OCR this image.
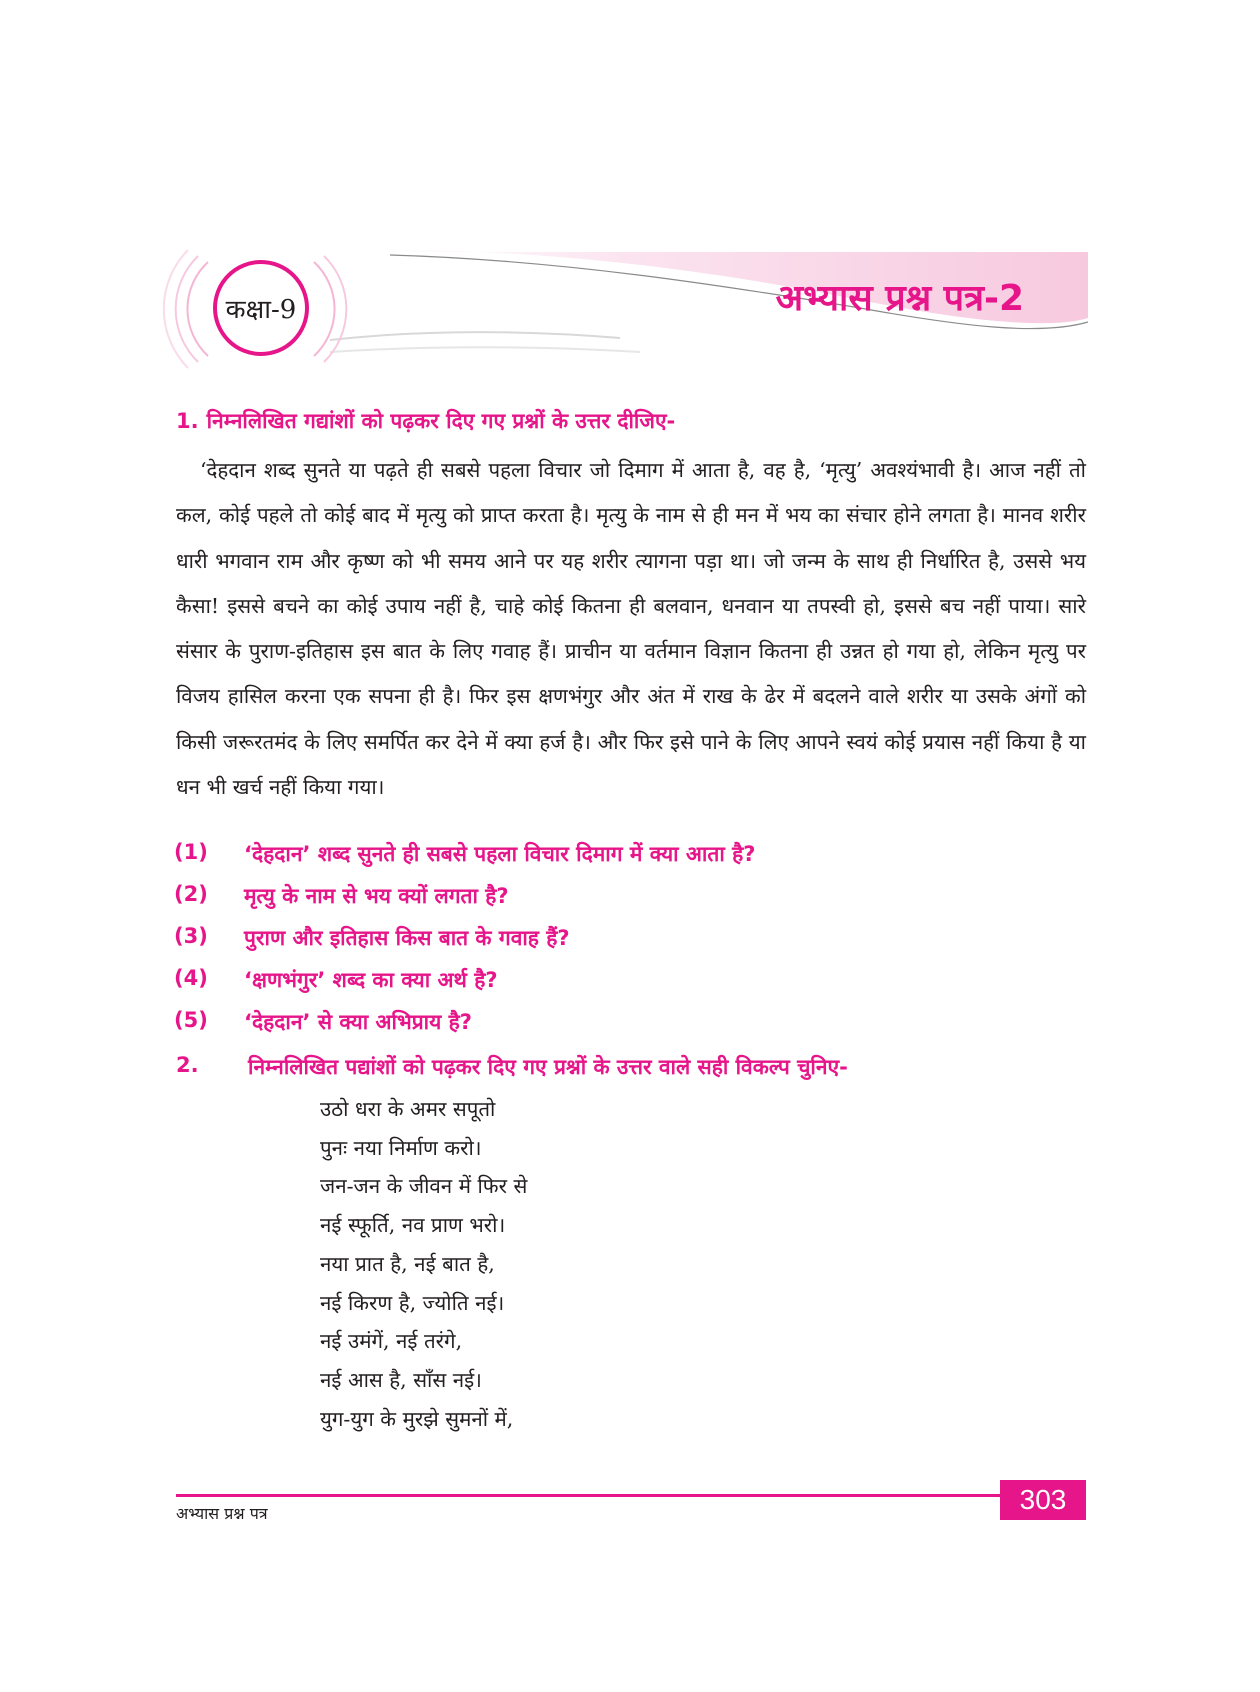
कक्षा-9	अभ्यास प्रश्न पत्र-2
1. निम्नलिखित गद्यांशों को पढ़कर दिए गए प्रश्नों के उत्तर दीजिए-

‘देहदान शब्द सुनते या पढ़ते ही सबसे पहला विचार जो दिमाग में आता है, वह है, ‘मृत्यु’ अवश्यंभावी है। आज नहीं तो कल, कोई पहले तो कोई बाद में मृत्यु को प्राप्त करता है। मृत्यु के नाम से ही मन में भय का संचार होने लगता है। मानव शरीर धारी भगवान राम और कृष्ण को भी समय आने पर यह शरीर त्यागना पड़ा था। जो जन्म के साथ ही निर्धारित है, उससे भय कैसा! इससे बचने का कोई उपाय नहीं है, चाहे कोई कितना ही बलवान, धनवान या तपस्वी हो, इससे बच नहीं पाया। सारे संसार के पुराण-इतिहास इस बात के लिए गवाह हैं। प्राचीन या वर्तमान विज्ञान कितना ही उन्नत हो गया हो, लेकिन मृत्यु पर विजय हासिल करना एक सपना ही है। फिर इस क्षणभंगुर और अंत में राख के ढेर में बदलने वाले शरीर या उसके अंगों को किसी जरूरतमंद के लिए समर्पित कर देने में क्या हर्ज है। और फिर इसे पाने के लिए आपने स्वयं कोई प्रयास नहीं किया है या धन भी खर्च नहीं किया गया।

(1)	‘देहदान’ शब्द सुनते ही सबसे पहला विचार दिमाग में क्या आता है?
(2)	मृत्यु के नाम से भय क्यों लगता है?
(3)	पुराण और इतिहास किस बात के गवाह हैं?
(4)	‘क्षणभंगुर’ शब्द का क्या अर्थ है?
(5)	‘देहदान’ से क्या अभिप्राय है?
2.	निम्नलिखित पद्यांशों को पढ़कर दिए गए प्रश्नों के उत्तर वाले सही विकल्प चुनिए-
उठो धरा के अमर सपूतो
पुनः नया निर्माण करो।
जन-जन के जीवन में फिर से
नई स्फूर्ति, नव प्राण भरो।
नया प्रात है, नई बात है,
नई किरण है, ज्योति नई।
नई उमंगें, नई तरंगे,
नई आस है, साँस नई।
युग-युग के मुरझे सुमनों में,
अभ्यास प्रश्न पत्र	303
